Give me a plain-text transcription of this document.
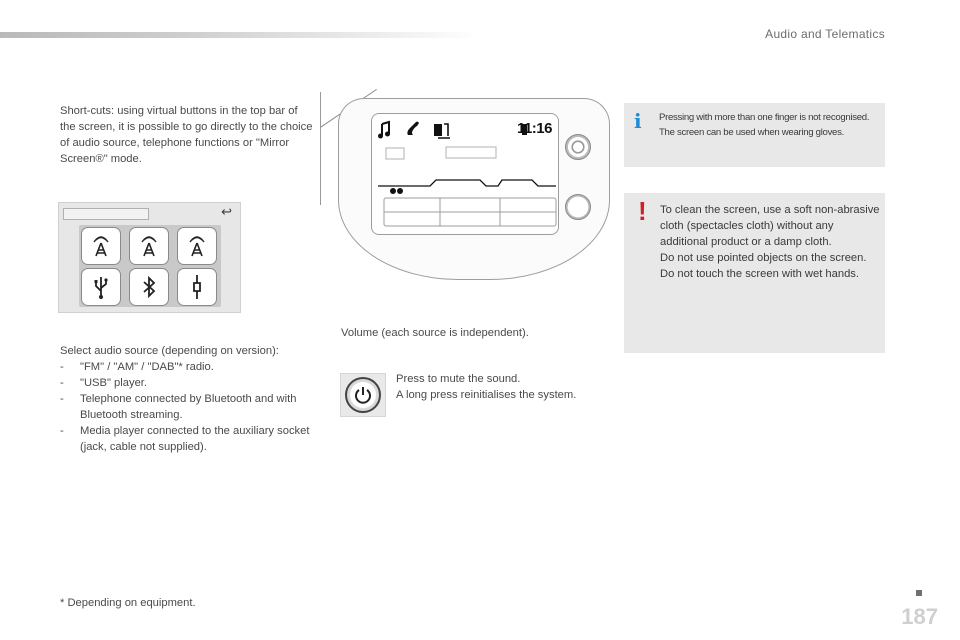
Audio and Telematics
Short-cuts: using virtual buttons in the top bar of the screen, it is possible to go directly to the choice of audio source, telephone functions or "Mirror Screen®" mode.
↩
Select audio source (depending on version):
- "FM" / "AM" / "DAB"* radio.
- "USB" player.
- Telephone connected by Bluetooth and with Bluetooth streaming.
- Media player connected to the auxiliary socket (jack, cable not supplied).
11:16
Volume (each source is independent).
Press to mute the sound.
A long press reinitialises the system.
i Pressing with more than one finger is not recognised.
The screen can be used when wearing gloves.
! To clean the screen, use a soft non-abrasive cloth (spectacles cloth) without any additional product or a damp cloth.
Do not use pointed objects on the screen.
Do not touch the screen with wet hands.
* Depending on equipment.
187
